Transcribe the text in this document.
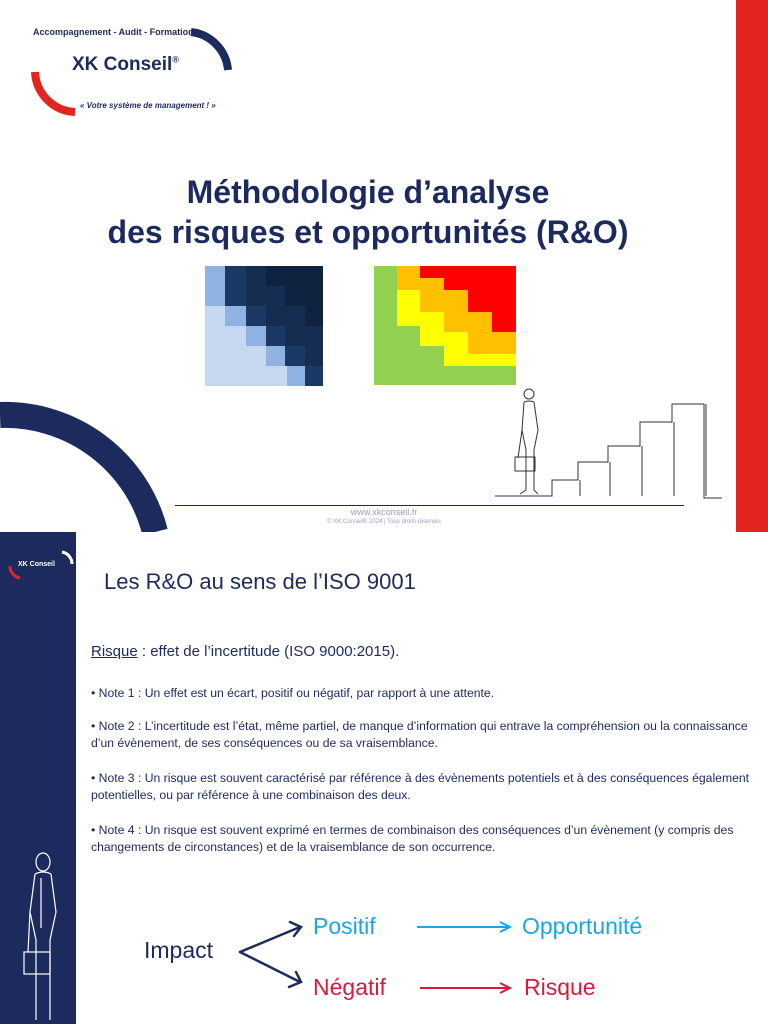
Accompagnement - Audit - Formation
XK Conseil®
« Votre système de management ! »
Méthodologie d’analyse
des risques et opportunités (R&O)
www.xkconseil.fr
© XK Conseil® 2024 | Tous droits réservés
XK Conseil
Les R&O au sens de l’ISO 9001
Risque : effet de l’incertitude (ISO 9000:2015).
• Note 1 : Un effet est un écart, positif ou négatif, par rapport à une attente.
• Note 2 : L’incertitude est l’état, même partiel, de manque d’information qui entrave la compréhension ou la connaissance d’un évènement, de ses conséquences ou de sa vraisemblance.
• Note 3 : Un risque est souvent caractérisé par référence à des évènements potentiels et à des conséquences également potentielles, ou par référence à une combinaison des deux.
• Note 4 : Un risque est souvent exprimé en termes de combinaison des conséquences d’un évènement (y compris des changements de circonstances) et de la vraisemblance de son occurrence.
Impact
Positif	Opportunité
Négatif	Risque
